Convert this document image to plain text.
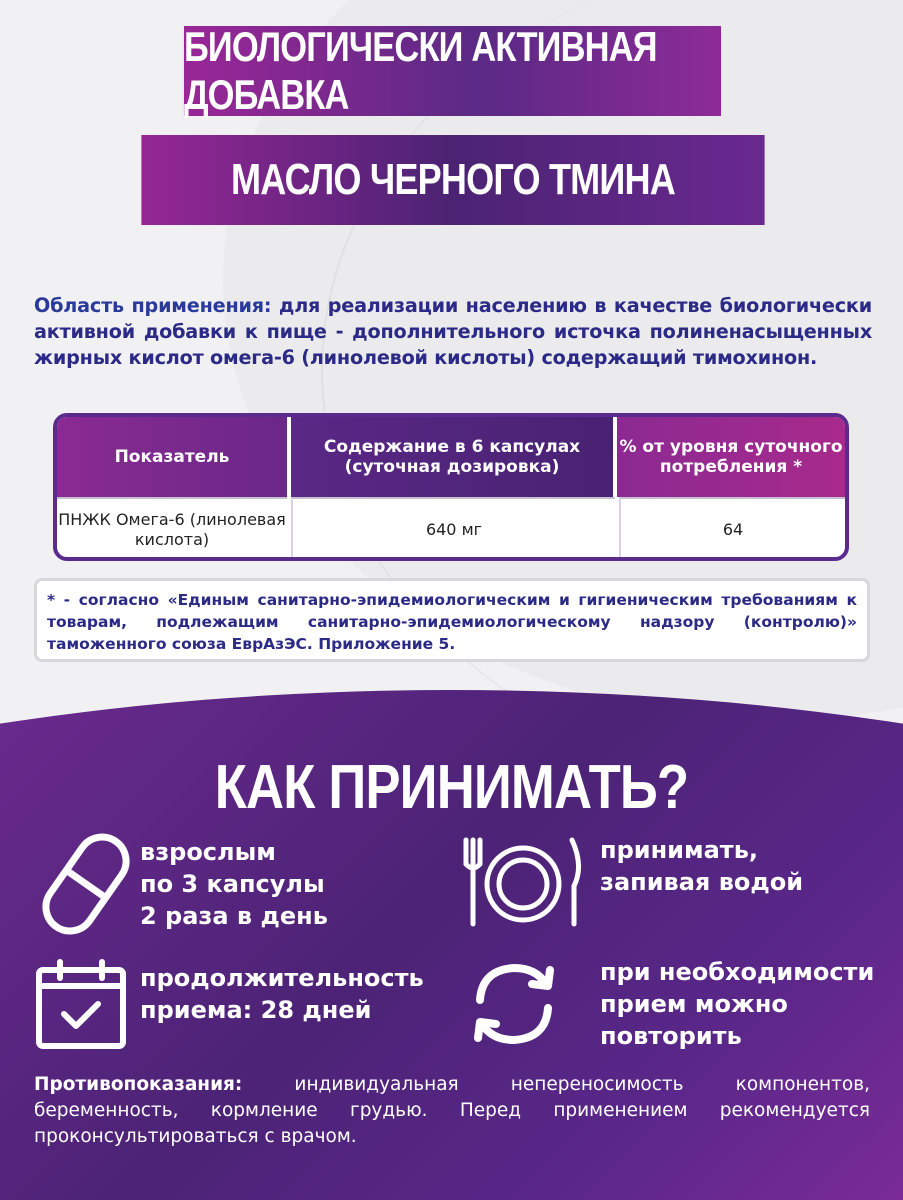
БИОЛОГИЧЕСКИ АКТИВНАЯ ДОБАВКА
МАСЛО ЧЕРНОГО ТМИНА
Область применения: для реализации населению в качестве биологически активной добавки к пище - дополнительного источка полиненасыщенных жирных кислот омега-6 (линолевой кислоты) содержащий тимохинон.
Показатель	Содержание в 6 капсулах (суточная дозировка)
% от уровня суточного потребления *
ПНЖК Омега-6 (линолевая кислота)
640 мг	64
* - согласно «Единым санитарно-эпидемиологическим и гигиеническим требованиям к товарам, подлежащим санитарно-эпидемиологическому надзору (контролю)» таможенного союза ЕврАзЭС. Приложение 5.
КАК ПРИНИМАТЬ?
взрослым
по 3 капсулы
2 раза в день
принимать,
запивая водой
продолжительность
приема: 28 дней
при необходимости
прием можно
повторить
Противопоказания: индивидуальная непереносимость компонентов, беременность, кормление грудью. Перед применением рекомендуется проконсультироваться с врачом.
